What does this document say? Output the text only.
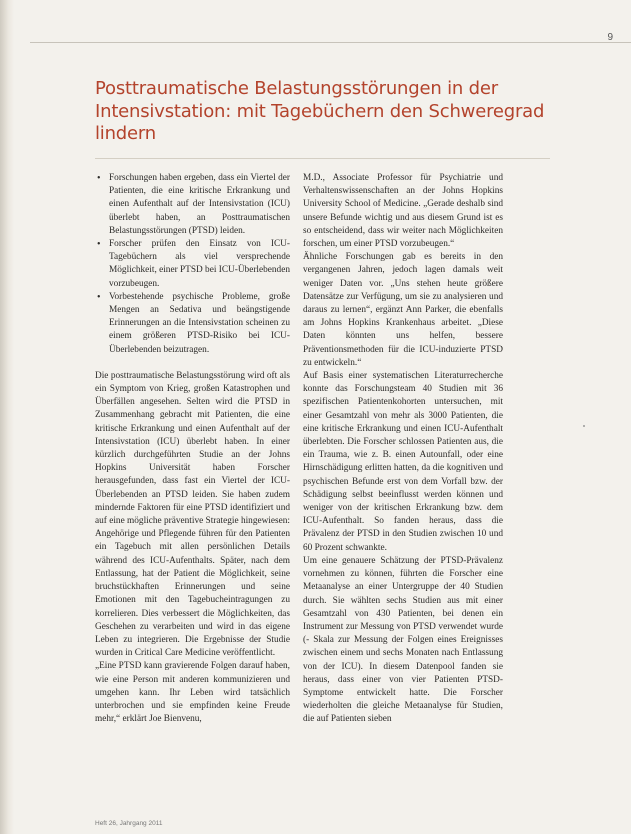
9
Posttraumatische Belastungsstörungen in der Intensivstation: mit Tagebüchern den Schweregrad lindern
• Forschungen haben ergeben, dass ein Viertel der Patienten, die eine kritische Erkrankung und einen Aufenthalt auf der Intensivstation (ICU) überlebt haben, an Posttraumatischen Belastungsstörungen (PTSD) leiden.
• Forscher prüfen den Einsatz von ICU-Tagebüchern als viel versprechende Möglichkeit, einer PTSD bei ICU-Überlebenden vorzubeugen.
• Vorbestehende psychische Probleme, große Mengen an Sedativa und beängstigende Erinnerungen an die Intensivstation scheinen zu einem größeren PTSD-Risiko bei ICU-Überlebenden beizutragen.

Die posttraumatische Belastungsstörung wird oft als ein Symptom von Krieg, großen Katastrophen und Überfällen angesehen. Selten wird die PTSD in Zusammenhang gebracht mit Patienten, die eine kritische Erkrankung und einen Aufenthalt auf der Intensivstation (ICU) überlebt haben. In einer kürzlich durchgeführten Studie an der Johns Hopkins Universität haben Forscher herausgefunden, dass fast ein Viertel der ICU-Überlebenden an PTSD leiden. Sie haben zudem mindernde Faktoren für eine PTSD identifiziert und auf eine mögliche präventive Strategie hingewiesen: Angehörige und Pflegende führen für den Patienten ein Tagebuch mit allen persönlichen Details während des ICU-Aufenthalts. Später, nach dem Entlassung, hat der Patient die Möglichkeit, seine bruchstückhaften Erinnerungen und seine Emotionen mit den Tagebucheintragungen zu korrelieren. Dies verbessert die Möglichkeiten, das Geschehen zu verarbeiten und wird in das eigene Leben zu integrieren. Die Ergebnisse der Studie wurden in Critical Care Medicine veröffentlicht.

„Eine PTSD kann gravierende Folgen darauf haben, wie eine Person mit anderen kommunizieren und umgehen kann. Ihr Leben wird tatsächlich unterbrochen und sie empfinden keine Freude mehr,“ erklärt Joe Bienvenu,

M.D., Associate Professor für Psychiatrie und Verhaltenswissenschaften an der Johns Hopkins University School of Medicine. „Gerade deshalb sind unsere Befunde wichtig und aus diesem Grund ist es so entscheidend, dass wir weiter nach Möglichkeiten forschen, um einer PTSD vorzubeugen.“

Ähnliche Forschungen gab es bereits in den vergangenen Jahren, jedoch lagen damals weit weniger Daten vor. „Uns stehen heute größere Datensätze zur Verfügung, um sie zu analysieren und daraus zu lernen“, ergänzt Ann Parker, die ebenfalls am Johns Hopkins Krankenhaus arbeitet. „Diese Daten könnten uns helfen, bessere Präventionsmethoden für die ICU-induzierte PTSD zu entwickeln.“

Auf Basis einer systematischen Literaturrecherche konnte das Forschungsteam 40 Studien mit 36 spezifischen Patientenkohorten untersuchen, mit einer Gesamtzahl von mehr als 3000 Patienten, die eine kritische Erkrankung und einen ICU-Aufenthalt überlebten. Die Forscher schlossen Patienten aus, die ein Trauma, wie z. B. einen Autounfall, oder eine Hirnschädigung erlitten hatten, da die kognitiven und psychischen Befunde erst von dem Vorfall bzw. der Schädigung selbst beeinflusst werden können und weniger von der kritischen Erkrankung bzw. dem ICU-Aufenthalt. So fanden heraus, dass die Prävalenz der PTSD in den Studien zwischen 10 und 60 Prozent schwankte.

Um eine genauere Schätzung der PTSD-Prävalenz vornehmen zu können, führten die Forscher eine Metaanalyse an einer Untergruppe der 40 Studien durch. Sie wählten sechs Studien aus mit einer Gesamtzahl von 430 Patienten, bei denen ein Instrument zur Messung von PTSD verwendet wurde (- Skala zur Messung der Folgen eines Ereignisses zwischen einem und sechs Monaten nach Entlassung von der ICU). In diesem Datenpool fanden sie heraus, dass einer von vier Patienten PTSD-Symptome entwickelt hatte. Die Forscher wiederholten die gleiche Metaanalyse für Studien, die auf Patienten sieben

Heft 26, Jahrgang 2011
